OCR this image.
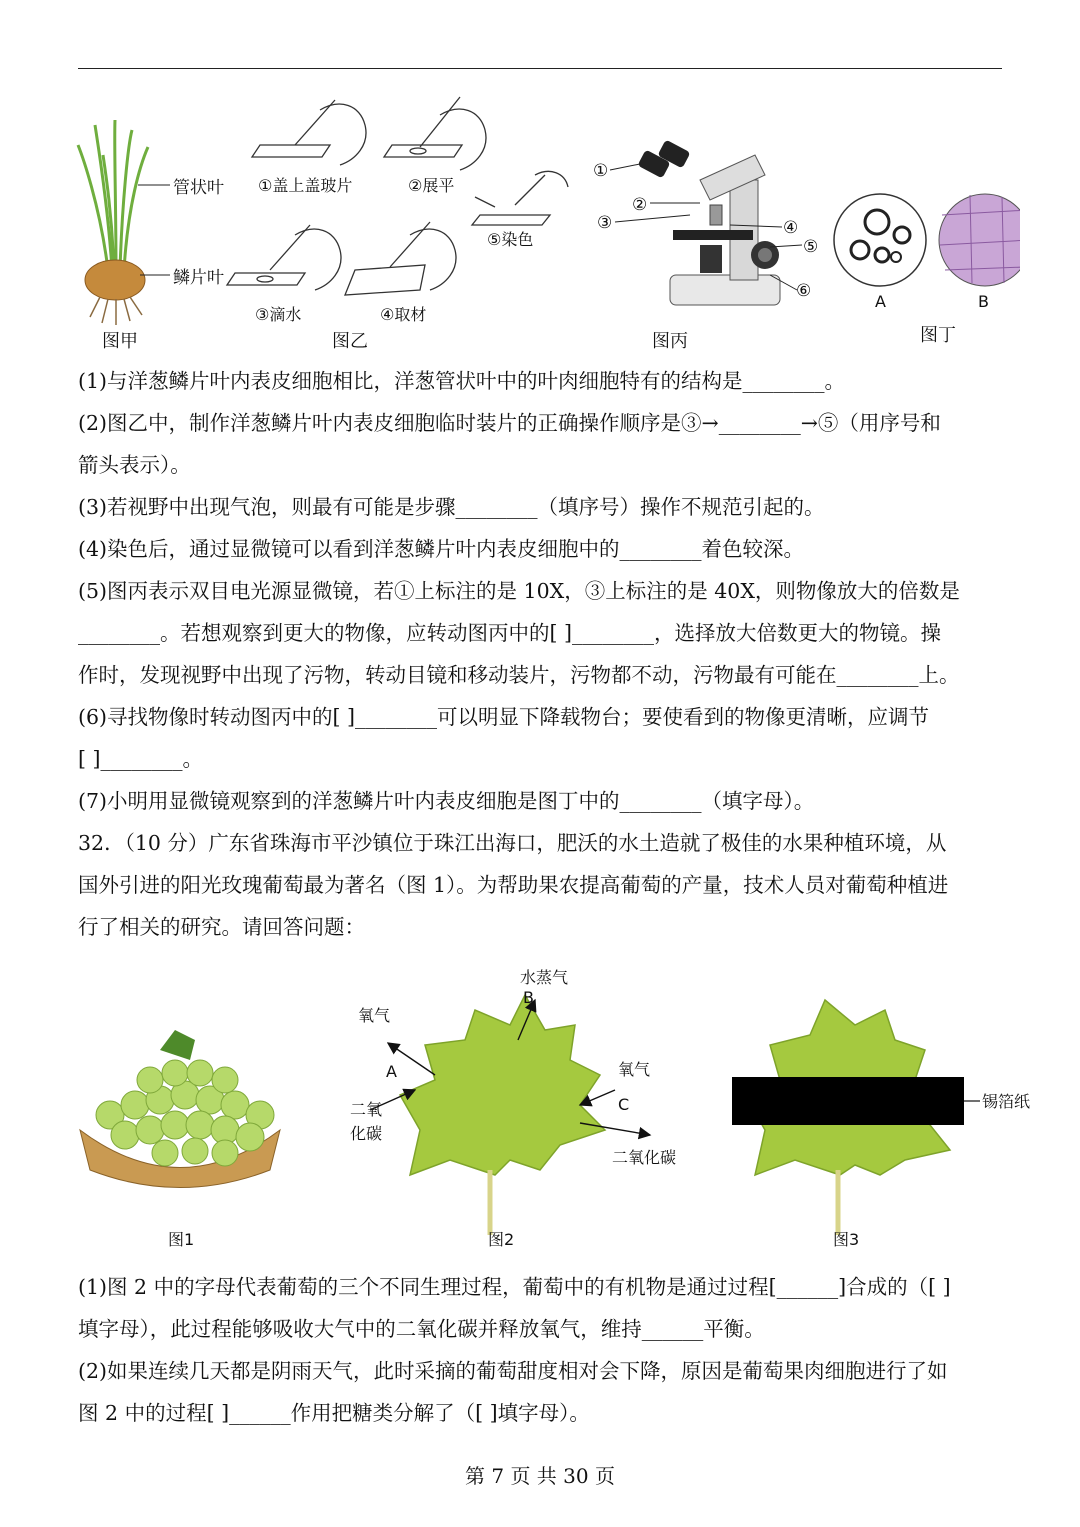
管状叶
鳞片叶
图甲
①盖上盖玻片	②展平
⑤染色
③滴水	④取材
图乙
①
②
③	④
⑤
⑥
图丙
A	B
图丁

(1)与洋葱鳞片叶内表皮细胞相比，洋葱管状叶中的叶肉细胞特有的结构是________。

(2)图乙中，制作洋葱鳞片叶内表皮细胞临时装片的正确操作顺序是③→________→⑤（用序号和

箭头表示）。

(3)若视野中出现气泡，则最有可能是步骤________（填序号）操作不规范引起的。

(4)染色后，通过显微镜可以看到洋葱鳞片叶内表皮细胞中的________着色较深。

(5)图丙表示双目电光源显微镜，若①上标注的是 10X，③上标注的是 40X，则物像放大的倍数是

________。若想观察到更大的物像，应转动图丙中的[ ]________，选择放大倍数更大的物镜。操

作时，发现视野中出现了污物，转动目镜和移动装片，污物都不动，污物最有可能在________上。

(6)寻找物像时转动图丙中的[ ]________可以明显下降载物台；要使看到的物像更清晰，应调节

[ ]________。

(7)小明用显微镜观察到的洋葱鳞片叶内表皮细胞是图丁中的________（填字母）。

32．（10 分）广东省珠海市平沙镇位于珠江出海口，肥沃的水土造就了极佳的水果种植环境，从

国外引进的阳光玫瑰葡萄最为著名（图 1）。为帮助果农提高葡萄的产量，技术人员对葡萄种植进

行了相关的研究。请回答问题：

图1
水蒸气
B
氧气
A
二氧
化碳
氧气
C
二氧化碳
图2
锡箔纸
图3

(1)图 2 中的字母代表葡萄的三个不同生理过程，葡萄中的有机物是通过过程[______]合成的（[ ]

填字母），此过程能够吸收大气中的二氧化碳并释放氧气，维持______平衡。

(2)如果连续几天都是阴雨天气，此时采摘的葡萄甜度相对会下降，原因是葡萄果肉细胞进行了如

图 2 中的过程[ ]______作用把糖类分解了（[ ]填字母）。

第 7 页 共 30 页
